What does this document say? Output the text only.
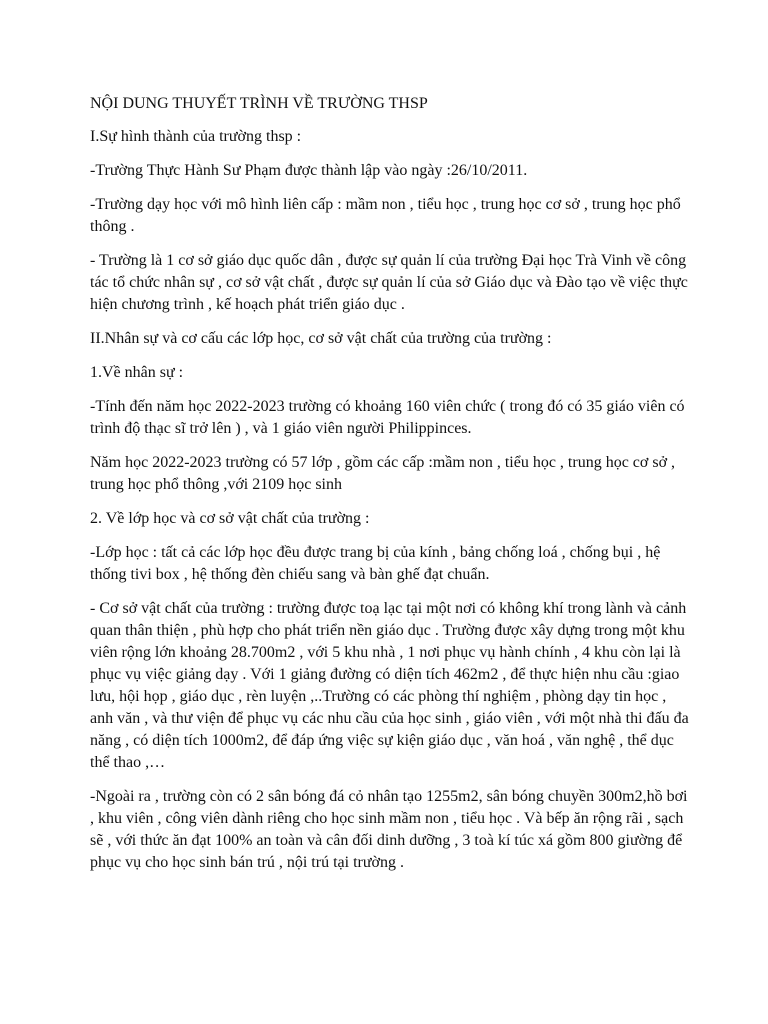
NỘI DUNG THUYẾT TRÌNH VỀ TRƯỜNG THSP

I.Sự hình thành của trường thsp :

-Trường Thực Hành Sư Phạm được thành lập vào ngày :26/10/2011.

-Trường dạy học với mô hình liên cấp : mầm non , tiểu học , trung học cơ sở , trung học phổ thông .

- Trường là 1 cơ sở giáo dục quốc dân , được sự quản lí của trường Đại học Trà Vinh về công tác tổ chức nhân sự , cơ sở vật chất , được sự quản lí của sở Giáo dục và Đào tạo về việc thực hiện chương trình , kế hoạch phát triển giáo dục .

II.Nhân sự và cơ cấu các lớp học, cơ sở vật chất của trường của trường :

1.Về nhân sự :

-Tính đến năm học 2022-2023 trường có khoảng 160 viên chức ( trong đó có 35 giáo viên có trình độ thạc sĩ trở lên ) , và 1 giáo viên người Philippinces.

Năm học 2022-2023 trường có 57 lớp , gồm các cấp :mầm non , tiểu học , trung học cơ sở , trung học phổ thông ,với 2109 học sinh

2. Về lớp học và cơ sở vật chất của trường :

-Lớp học : tất cả các lớp học đều được trang bị của kính , bảng chống loá , chống bụi , hệ thống tivi box , hệ thống đèn chiếu sang và bàn ghế đạt chuẩn.

- Cơ sở vật chất của trường : trường được toạ lạc tại một nơi có không khí trong lành và cảnh quan thân thiện , phù hợp cho phát triển nền giáo dục . Trường được xây dựng trong một khu viên rộng lớn khoảng 28.700m2 , với 5 khu nhà , 1 nơi phục vụ hành chính , 4 khu còn lại là phục vụ việc giảng dạy . Với 1 giảng đường có diện tích 462m2 , để thực hiện nhu cầu :giao lưu, hội họp , giáo dục , rèn luyện ,..Trường có các phòng thí nghiệm , phòng dạy tin học , anh văn , và thư viện để phục vụ các nhu cầu của học sinh , giáo viên , với một nhà thi đấu đa năng , có diện tích 1000m2, để đáp ứng việc sự kiện giáo dục , văn hoá , văn nghệ , thể dục thể thao ,…

-Ngoài ra , trường còn có 2 sân bóng đá cỏ nhân tạo 1255m2, sân bóng chuyền 300m2,hồ bơi , khu viên , công viên dành riêng cho học sinh mầm non , tiểu học . Và bếp ăn rộng rãi , sạch sẽ , với thức ăn đạt 100% an toàn và cân đối dinh dưỡng , 3 toà kí túc xá gồm 800 giường để phục vụ cho học sinh bán trú , nội trú tại trường .
